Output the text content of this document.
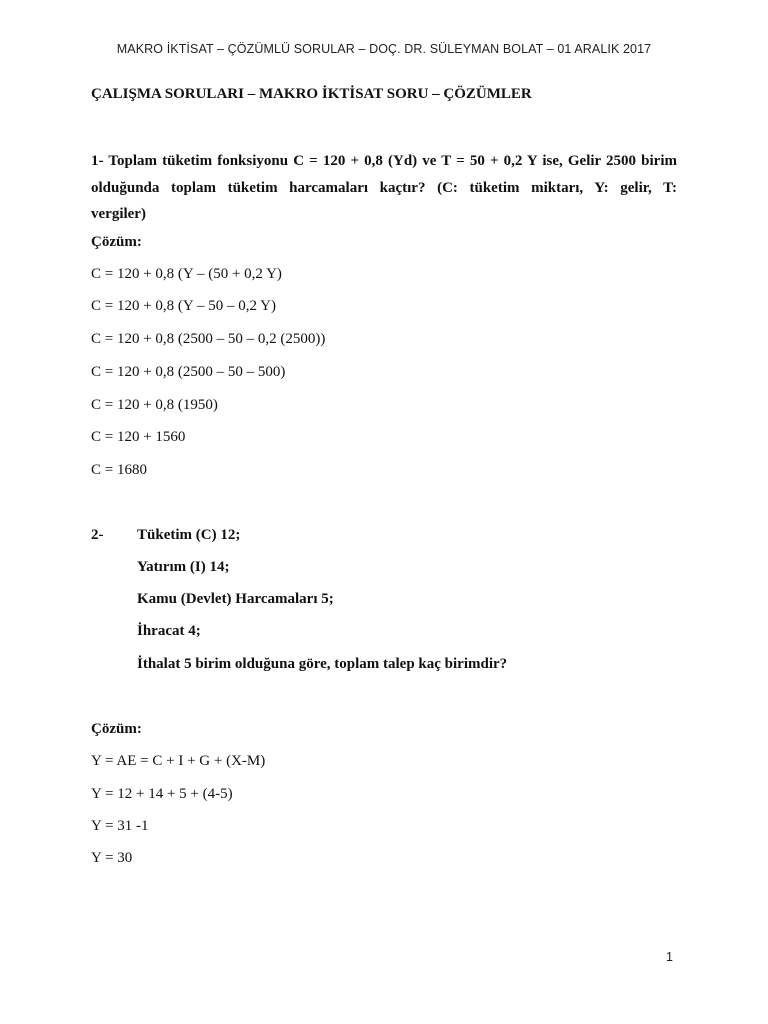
MAKRO İKTİSAT – ÇÖZÜMLÜ SORULAR – DOÇ. DR. SÜLEYMAN BOLAT – 01 ARALIK 2017
ÇALIŞMA SORULARI – MAKRO İKTİSAT SORU – ÇÖZÜMLER
1- Toplam tüketim fonksiyonu C = 120 + 0,8 (Yd) ve T = 50 + 0,2 Y ise, Gelir 2500 birim
olduğunda toplam tüketim harcamaları kaçtır? (C: tüketim miktarı, Y: gelir, T:
vergiler)
Çözüm:
C = 120 + 0,8 (Y – (50 + 0,2 Y)
C = 120 + 0,8 (Y – 50 – 0,2 Y)
C = 120 + 0,8 (2500 – 50 – 0,2 (2500))
C = 120 + 0,8 (2500 – 50 – 500)
C = 120 + 0,8 (1950)
C = 120 + 1560
C = 1680
2- Tüketim (C) 12;
Yatırım (I) 14;
Kamu (Devlet) Harcamaları 5;
İhracat 4;
İthalat 5 birim olduğuna göre, toplam talep kaç birimdir?
Çözüm:
Y = AE = C + I + G + (X-M)
Y = 12 + 14 + 5 + (4-5)
Y = 31 -1
Y = 30
1
